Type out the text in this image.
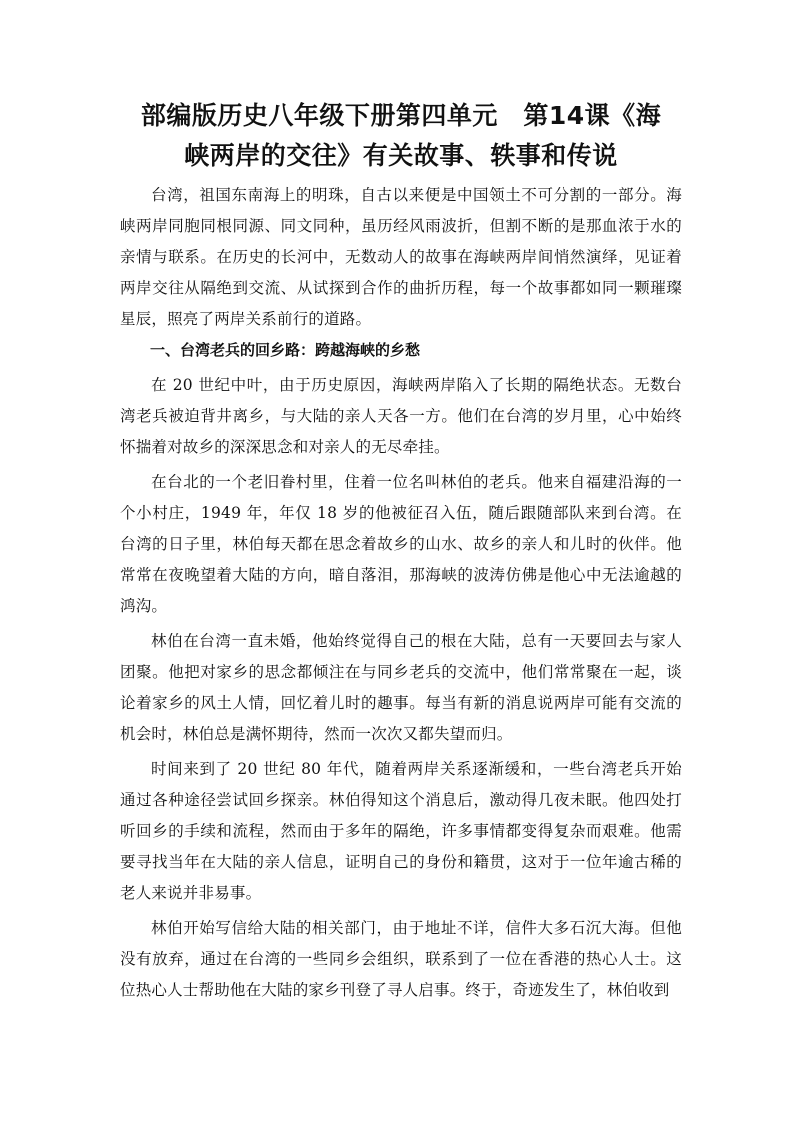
部编版历史八年级下册第四单元　第14课《海
峡两岸的交往》有关故事、轶事和传说

台湾，祖国东南海上的明珠，自古以来便是中国领土不可分割的一部分。海峡两岸同胞同根同源、同文同种，虽历经风雨波折，但割不断的是那血浓于水的亲情与联系。在历史的长河中，无数动人的故事在海峡两岸间悄然演绎，见证着两岸交往从隔绝到交流、从试探到合作的曲折历程，每一个故事都如同一颗璀璨星辰，照亮了两岸关系前行的道路。

一、台湾老兵的回乡路：跨越海峡的乡愁

在 20 世纪中叶，由于历史原因，海峡两岸陷入了长期的隔绝状态。无数台湾老兵被迫背井离乡，与大陆的亲人天各一方。他们在台湾的岁月里，心中始终怀揣着对故乡的深深思念和对亲人的无尽牵挂。

在台北的一个老旧眷村里，住着一位名叫林伯的老兵。他来自福建沿海的一个小村庄，1949 年，年仅 18 岁的他被征召入伍，随后跟随部队来到台湾。在台湾的日子里，林伯每天都在思念着故乡的山水、故乡的亲人和儿时的伙伴。他常常在夜晚望着大陆的方向，暗自落泪，那海峡的波涛仿佛是他心中无法逾越的鸿沟。

林伯在台湾一直未婚，他始终觉得自己的根在大陆，总有一天要回去与家人团聚。他把对家乡的思念都倾注在与同乡老兵的交流中，他们常常聚在一起，谈论着家乡的风土人情，回忆着儿时的趣事。每当有新的消息说两岸可能有交流的机会时，林伯总是满怀期待，然而一次次又都失望而归。

时间来到了 20 世纪 80 年代，随着两岸关系逐渐缓和，一些台湾老兵开始通过各种途径尝试回乡探亲。林伯得知这个消息后，激动得几夜未眠。他四处打听回乡的手续和流程，然而由于多年的隔绝，许多事情都变得复杂而艰难。他需要寻找当年在大陆的亲人信息，证明自己的身份和籍贯，这对于一位年逾古稀的老人来说并非易事。

林伯开始写信给大陆的相关部门，由于地址不详，信件大多石沉大海。但他没有放弃，通过在台湾的一些同乡会组织，联系到了一位在香港的热心人士。这位热心人士帮助他在大陆的家乡刊登了寻人启事。终于，奇迹发生了，林伯收到
